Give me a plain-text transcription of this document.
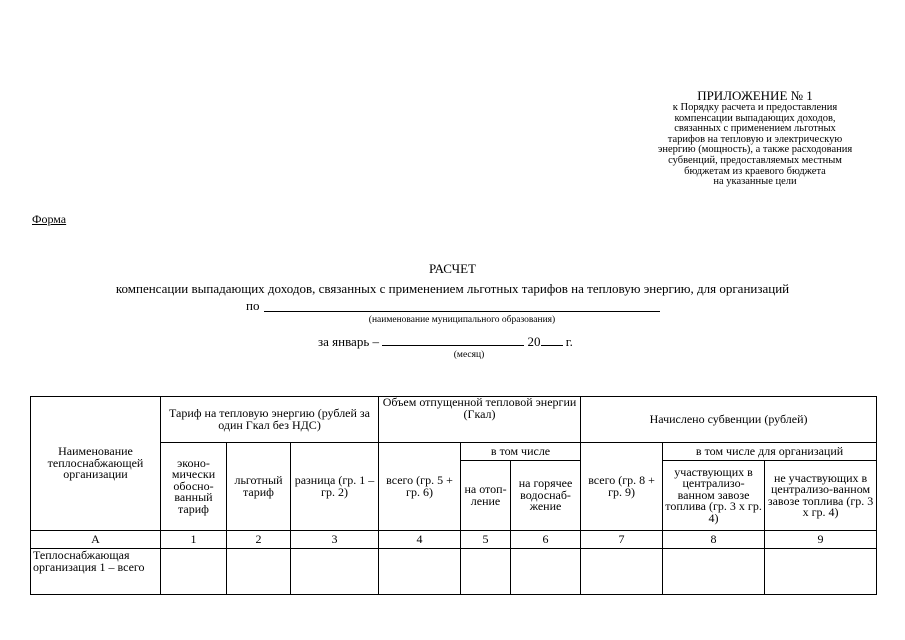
ПРИЛОЖЕНИЕ № 1
к Порядку расчета и предоставления
компенсации выпадающих доходов,
связанных с применением льготных
тарифов на тепловую и электрическую
энергию (мощность), а также расходования
субвенций, предоставляемых местным
бюджетам из краевого бюджета
на указанные цели
Форма
РАСЧЕТ
компенсации выпадающих доходов, связанных с применением льготных тарифов на тепловую энергию, для организаций
по
(наименование муниципального образования)
за январь –	20 г.
(месяц)
Наименование теплоснабжающей организации	Тариф на тепловую энергию (рублей за один Гкал без НДС)			Объем отпущенной тепловой энергии (Гкал)			Начислено субвенции (рублей)		
	эконо-мически обосно-ванный тариф	льготный тариф	разница (гр. 1 – гр. 2)	всего (гр. 5 + гр. 6)	в том числе		всего (гр. 8 + гр. 9)	в том числе для организаций	
					на отоп-ление	на горячее водоснаб-жение		участвующих в централизо-ванном завозе топлива (гр. 3 х гр. 4)	не участвующих в централизо-ванном завозе топлива (гр. 3 х гр. 4)
А	1	2	3	4	5	6	7	8	9
Теплоснабжающая организация 1 – всего									
